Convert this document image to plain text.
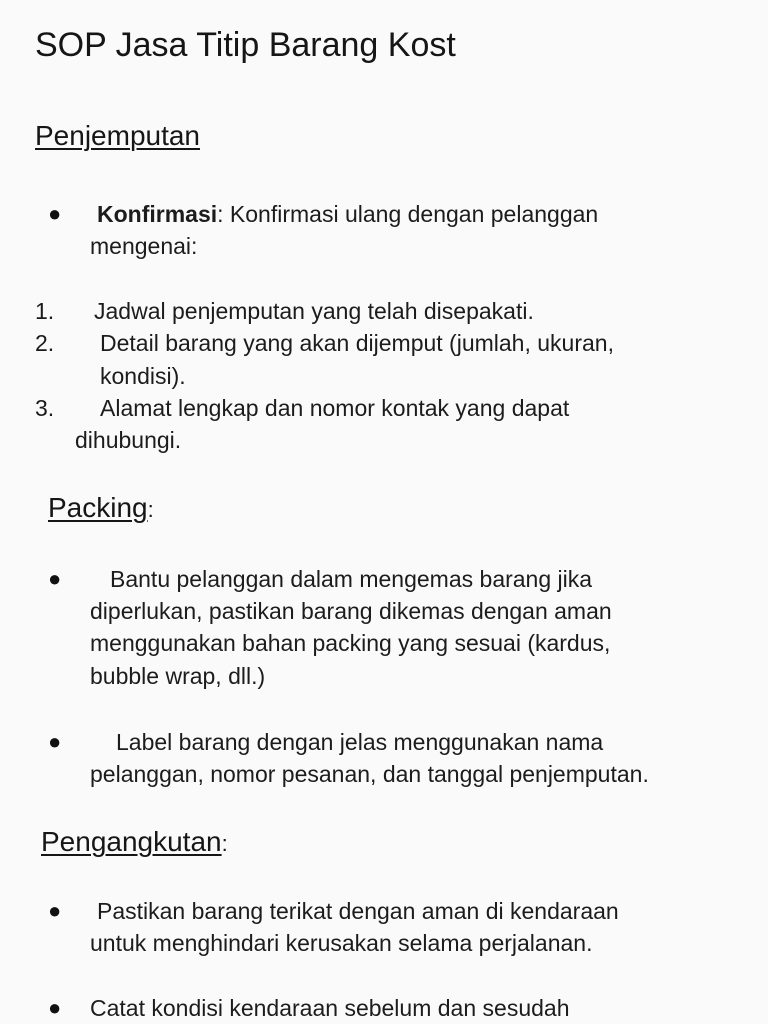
SOP Jasa Titip Barang Kost
Penjemputan
● Konfirmasi: Konfirmasi ulang dengan pelanggan
mengenai:
1. Jadwal penjemputan yang telah disepakati.
2. Detail barang yang akan dijemput (jumlah, ukuran,
kondisi).
3. Alamat lengkap dan nomor kontak yang dapat
dihubungi.
Packing:
● Bantu pelanggan dalam mengemas barang jika
diperlukan, pastikan barang dikemas dengan aman
menggunakan bahan packing yang sesuai (kardus,
bubble wrap, dll.)
● Label barang dengan jelas menggunakan nama
pelanggan, nomor pesanan, dan tanggal penjemputan.
Pengangkutan:
● Pastikan barang terikat dengan aman di kendaraan
untuk menghindari kerusakan selama perjalanan.
● Catat kondisi kendaraan sebelum dan sesudah
